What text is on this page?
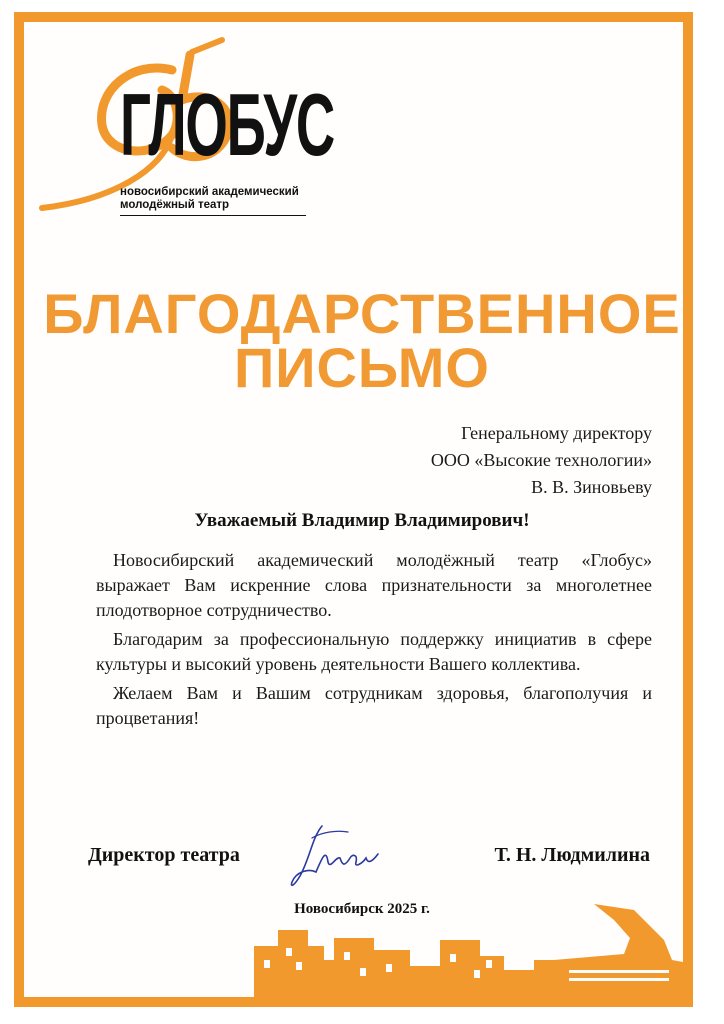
ГЛОБУС
новосибирский академический
молодёжный театр
БЛАГОДАРСТВЕННОЕ
ПИСЬМО
Генеральному директору
ООО «Высокие технологии»
В. В. Зиновьеву
Уважаемый Владимир Владимирович!

Новосибирский академический молодёжный театр «Глобус» выражает Вам искренние слова признательности за многолетнее плодотворное сотрудничество.

Благодарим за профессиональную поддержку инициатив в сфере культуры и высокий уровень деятельности Вашего коллектива.

Желаем Вам и Вашим сотрудникам здоровья, благополучия и процветания!

Директор театра	Т. Н. Людмилина
Новосибирск 2025 г.
